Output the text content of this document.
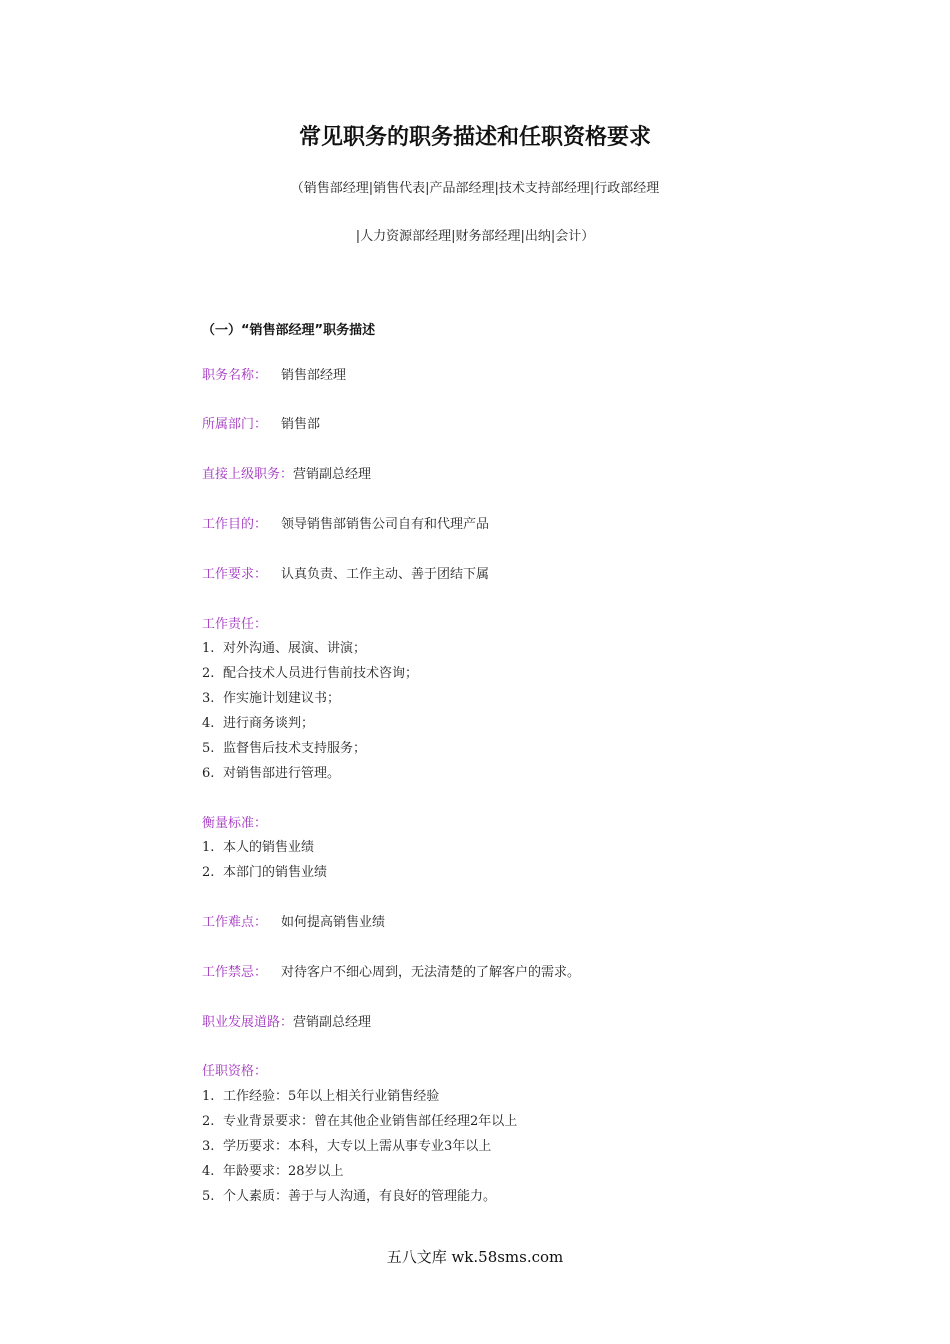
常见职务的职务描述和任职资格要求
（销售部经理|销售代表|产品部经理|技术支持部经理|行政部经理
|人力资源部经理|财务部经理|出纳|会计）
（一）“销售部经理”职务描述
职务名称： 销售部经理
所属部门： 销售部
直接上级职务：营销副总经理
工作目的： 领导销售部销售公司自有和代理产品
工作要求： 认真负责、工作主动、善于团结下属
工作责任：
1. 对外沟通、展演、讲演；
2. 配合技术人员进行售前技术咨询；
3. 作实施计划建议书；
4. 进行商务谈判；
5. 监督售后技术支持服务；
6. 对销售部进行管理。
衡量标准：
1. 本人的销售业绩
2. 本部门的销售业绩
工作难点： 如何提高销售业绩
工作禁忌： 对待客户不细心周到，无法清楚的了解客户的需求。
职业发展道路：营销副总经理
任职资格：
1. 工作经验：5年以上相关行业销售经验
2. 专业背景要求：曾在其他企业销售部任经理2年以上
3. 学历要求：本科，大专以上需从事专业3年以上
4. 年龄要求：28岁以上
5. 个人素质：善于与人沟通，有良好的管理能力。
五八文库 wk.58sms.com
